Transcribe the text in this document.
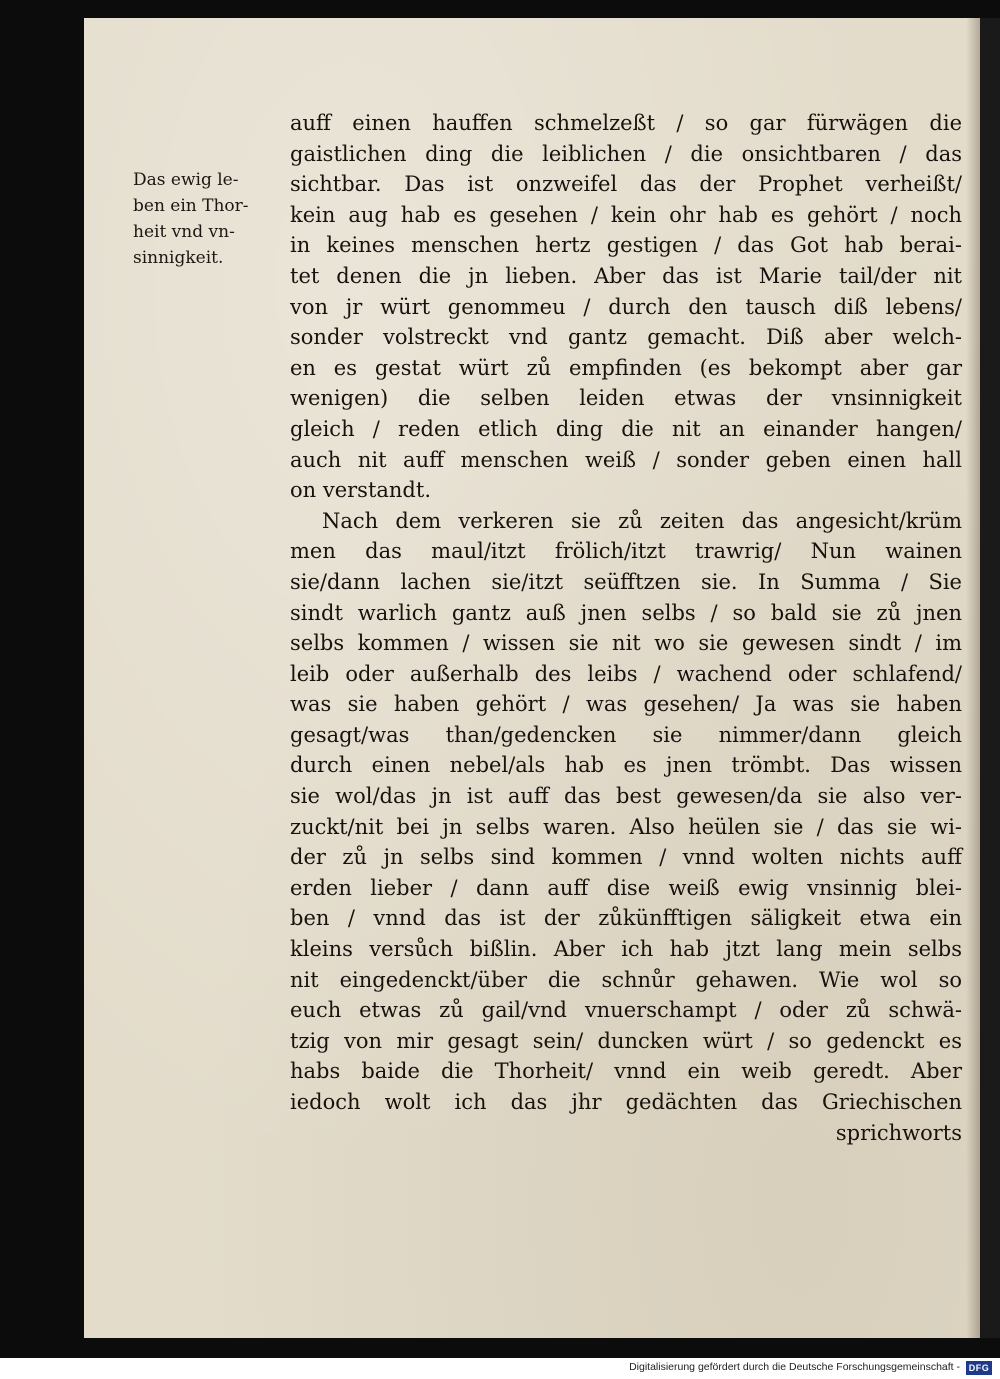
Das ewig le-
ben ein Thor-
heit vnd vn-
sinnigkeit.
auff einen hauffen schmelzeßt / so gar fürwägen die
gaistlichen ding die leiblichen / die onsichtbaren / das
sichtbar. Das ist onzweifel das der Prophet verheißt/
kein aug hab es gesehen / kein ohr hab es gehört / noch
in keines menschen hertz gestigen / das Got hab berai-
tet denen die jn lieben. Aber das ist Marie tail/der nit
von jr würt genommeu / durch den tausch diß lebens/
sonder volstreckt vnd gantz gemacht. Diß aber welch-
en es gestat würt zů empfinden (es bekompt aber gar
wenigen) die selben leiden etwas der vnsinnigkeit
gleich / reden etlich ding die nit an einander hangen/
auch nit auff menschen weiß / sonder geben einen hall
on verstandt.
Nach dem verkeren sie zů zeiten das angesicht/krüm
men das maul/itzt frölich/itzt trawrig/ Nun wainen
sie/dann lachen sie/itzt seüfftzen sie. In Summa / Sie
sindt warlich gantz auß jnen selbs / so bald sie zů jnen
selbs kommen / wissen sie nit wo sie gewesen sindt / im
leib oder außerhalb des leibs / wachend oder schlafend/
was sie haben gehört / was gesehen/ Ja was sie haben
gesagt/was than/gedencken sie nimmer/dann gleich
durch einen nebel/als hab es jnen trömbt. Das wissen
sie wol/das jn ist auff das best gewesen/da sie also ver-
zuckt/nit bei jn selbs waren. Also heülen sie / das sie wi-
der zů jn selbs sind kommen / vnnd wolten nichts auff
erden lieber / dann auff dise weiß ewig vnsinnig blei-
ben / vnnd das ist der zůkünfftigen säligkeit etwa ein
kleins versůch bißlin. Aber ich hab jtzt lang mein selbs
nit eingedenckt/über die schnůr gehawen. Wie wol so
euch etwas zů gail/vnd vnuerschampt / oder zů schwä-
tzig von mir gesagt sein/ duncken würt / so gedenckt es
habs baide die Thorheit/ vnnd ein weib geredt. Aber
iedoch wolt ich das jhr gedächten das Griechischen
sprichworts
Digitalisierung gefördert durch die Deutsche Forschungsgemeinschaft - DFG
